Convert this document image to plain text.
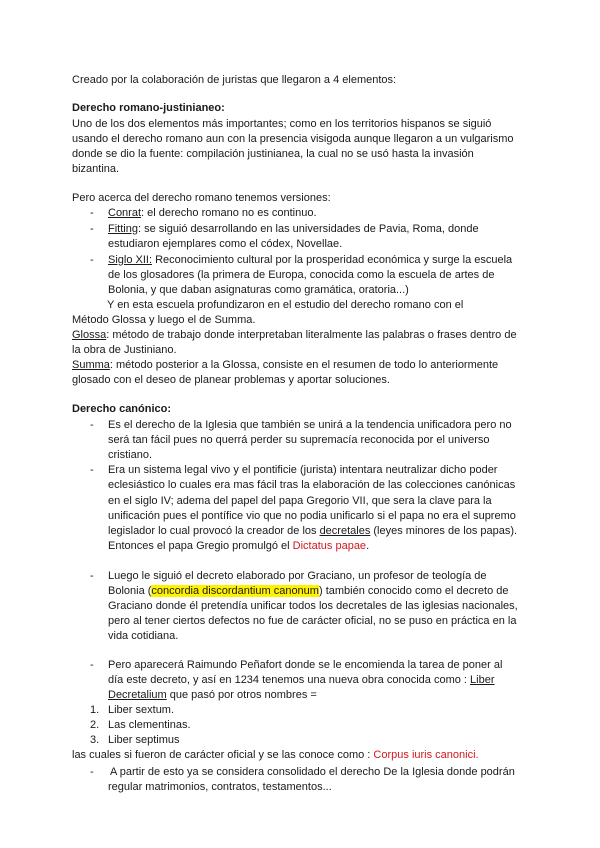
Creado por la colaboración de juristas que llegaron a 4 elementos:
Derecho romano-justinianeo:
Uno de los dos elementos más importantes; como en los territorios hispanos se siguió
usando el derecho romano aun con la presencia visigoda aunque llegaron a un vulgarismo
donde se dio la fuente: compilación justinianea, la cual no se usó hasta la invasión
bizantina.
Pero acerca del derecho romano tenemos versiones:
- Conrat: el derecho romano no es continuo.
- Fitting: se siguió desarrollando en las universidades de Pavia, Roma, donde
estudiaron ejemplares como el códex, Novellae.
- Siglo XII: Reconocimiento cultural por la prosperidad económica y surge la escuela
de los glosadores (la primera de Europa, conocida como la escuela de artes de
Bolonia, y que daban asignaturas como gramática, oratoria...)
Y en esta escuela profundizaron en el estudio del derecho romano con el
Método Glossa y luego el de Summa.
Glossa: método de trabajo donde interpretaban literalmente las palabras o frases dentro de
la obra de Justiniano.
Summa: método posterior a la Glossa, consiste en el resumen de todo lo anteriormente
glosado con el deseo de planear problemas y aportar soluciones.
Derecho canónico:
- Es el derecho de la Iglesia que también se unirá a la tendencia unificadora pero no
será tan fácil pues no querrá perder su supremacía reconocida por el universo
cristiano.
- Era un sistema legal vivo y el pontificie (jurista) intentara neutralizar dicho poder
eclesiástico lo cuales era mas fácil tras la elaboración de las colecciones canónicas
en el siglo IV; adema del papel del papa Gregorio VII, que sera la clave para la
unificación pues el pontífice vio que no podia unificarlo si el papa no era el supremo
legislador lo cual provocó la creador de los decretales (leyes minores de los papas).
Entonces el papa Gregio promulgó el Dictatus papae.
- Luego le siguió el decreto elaborado por Graciano, un profesor de teología de
Bolonia (concordia discordantium canonum) también conocido como el decreto de
Graciano donde él pretendía unificar todos los decretales de las iglesias nacionales,
pero al tener ciertos defectos no fue de carácter oficial, no se puso en práctica en la
vida cotidiana.
- Pero aparecerá Raimundo Peñafort donde se le encomienda la tarea de poner al
día este decreto, y así en 1234 tenemos una nueva obra conocida como : Liber
Decretalium que pasó por otros nombres =
1. Liber sextum.
2. Las clementinas.
3. Liber septimus
las cuales si fueron de carácter oficial y se las conoce como : Corpus iuris canonici.
- A partir de esto ya se considera consolidado el derecho De la Iglesia donde podrán
regular matrimonios, contratos, testamentos...
